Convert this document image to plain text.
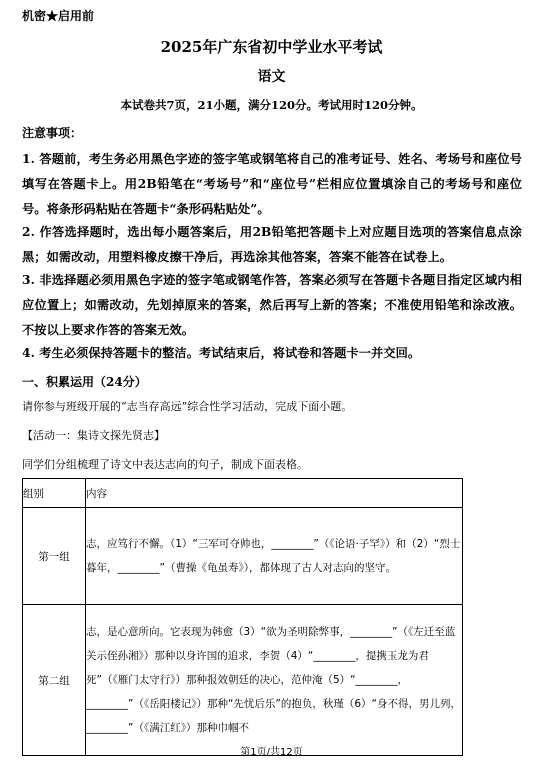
机密★启用前
2025年广东省初中学业水平考试
语文
本试卷共7页，21小题，满分120分。考试用时120分钟。
注意事项：
1. 答题前，考生务必用黑色字迹的签字笔或钢笔将自己的准考证号、姓名、考场号和座位号填写在答题卡上。用2B铅笔在“考场号”和“座位号”栏相应位置填涂自己的考场号和座位号。将条形码粘贴在答题卡“条形码粘贴处”。
2. 作答选择题时，选出每小题答案后，用2B铅笔把答题卡上对应题目选项的答案信息点涂黑；如需改动，用塑料橡皮擦干净后，再选涂其他答案，答案不能答在试卷上。
3. 非选择题必须用黑色字迹的签字笔或钢笔作答，答案必须写在答题卡各题目指定区域内相应位置上；如需改动，先划掉原来的答案，然后再写上新的答案；不准使用铅笔和涂改液。不按以上要求作答的答案无效。
4. 考生必须保持答题卡的整洁。考试结束后，将试卷和答题卡一并交回。
一、积累运用（24分）
请你参与班级开展的“志当存高远”综合性学习活动，完成下面小题。
【活动一：集诗文探先贤志】
同学们分组梳理了诗文中表达志向的句子，制成下面表格。
组别	内容
第一组	志，应笃行不懈。（1）“三军可夺帅也，________”（《论语·子罕》）和（2）“烈士暮年，________”（曹操《龟虽寿》），都体现了古人对志向的坚守。
第二组	志，是心意所向。它表现为韩愈（3）“欲为圣明除弊事，________”（《左迁至蓝关示侄孙湘》）那种以身许国的追求，李贺（4）“________，提携玉龙为君死”（《雁门太守行》）那种报效朝廷的决心，范仲淹（5）“________，________”（《岳阳楼记》）那种“先忧后乐”的抱负，秋瑾（6）“身不得，男儿列，________”（《满江红》）那种巾帼不
第1页/共12页
